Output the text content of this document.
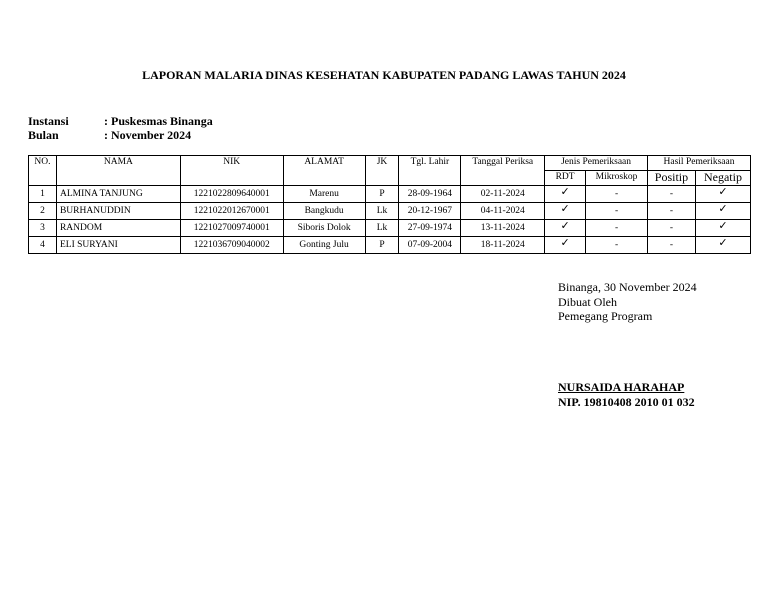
LAPORAN MALARIA DINAS KESEHATAN KABUPATEN PADANG LAWAS TAHUN 2024
Instansi	: Puskesmas Binanga
Bulan	: November 2024
NO.	NAMA	NIK	ALAMAT	JK	Tgl. Lahir	Tanggal Periksa	Jenis Pemeriksaan		Hasil Pemeriksaan	
							RDT	Mikroskop	Positip	Negatip
1	ALMINA TANJUNG	1221022809640001	Marenu	P	28-09-1964	02-11-2024	✓	-	-	✓
2	BURHANUDDIN	1221022012670001	Bangkudu	Lk	20-12-1967	04-11-2024	✓	-	-	✓
3	RANDOM	1221027009740001	Siboris Dolok	Lk	27-09-1974	13-11-2024	✓	-	-	✓
4	ELI SURYANI	1221036709040002	Gonting Julu	P	07-09-2004	18-11-2024	✓	-	-	✓
Binanga, 30 November 2024
Dibuat Oleh
Pemegang Program
NURSAIDA HARAHAP
NIP. 19810408 2010 01 032
